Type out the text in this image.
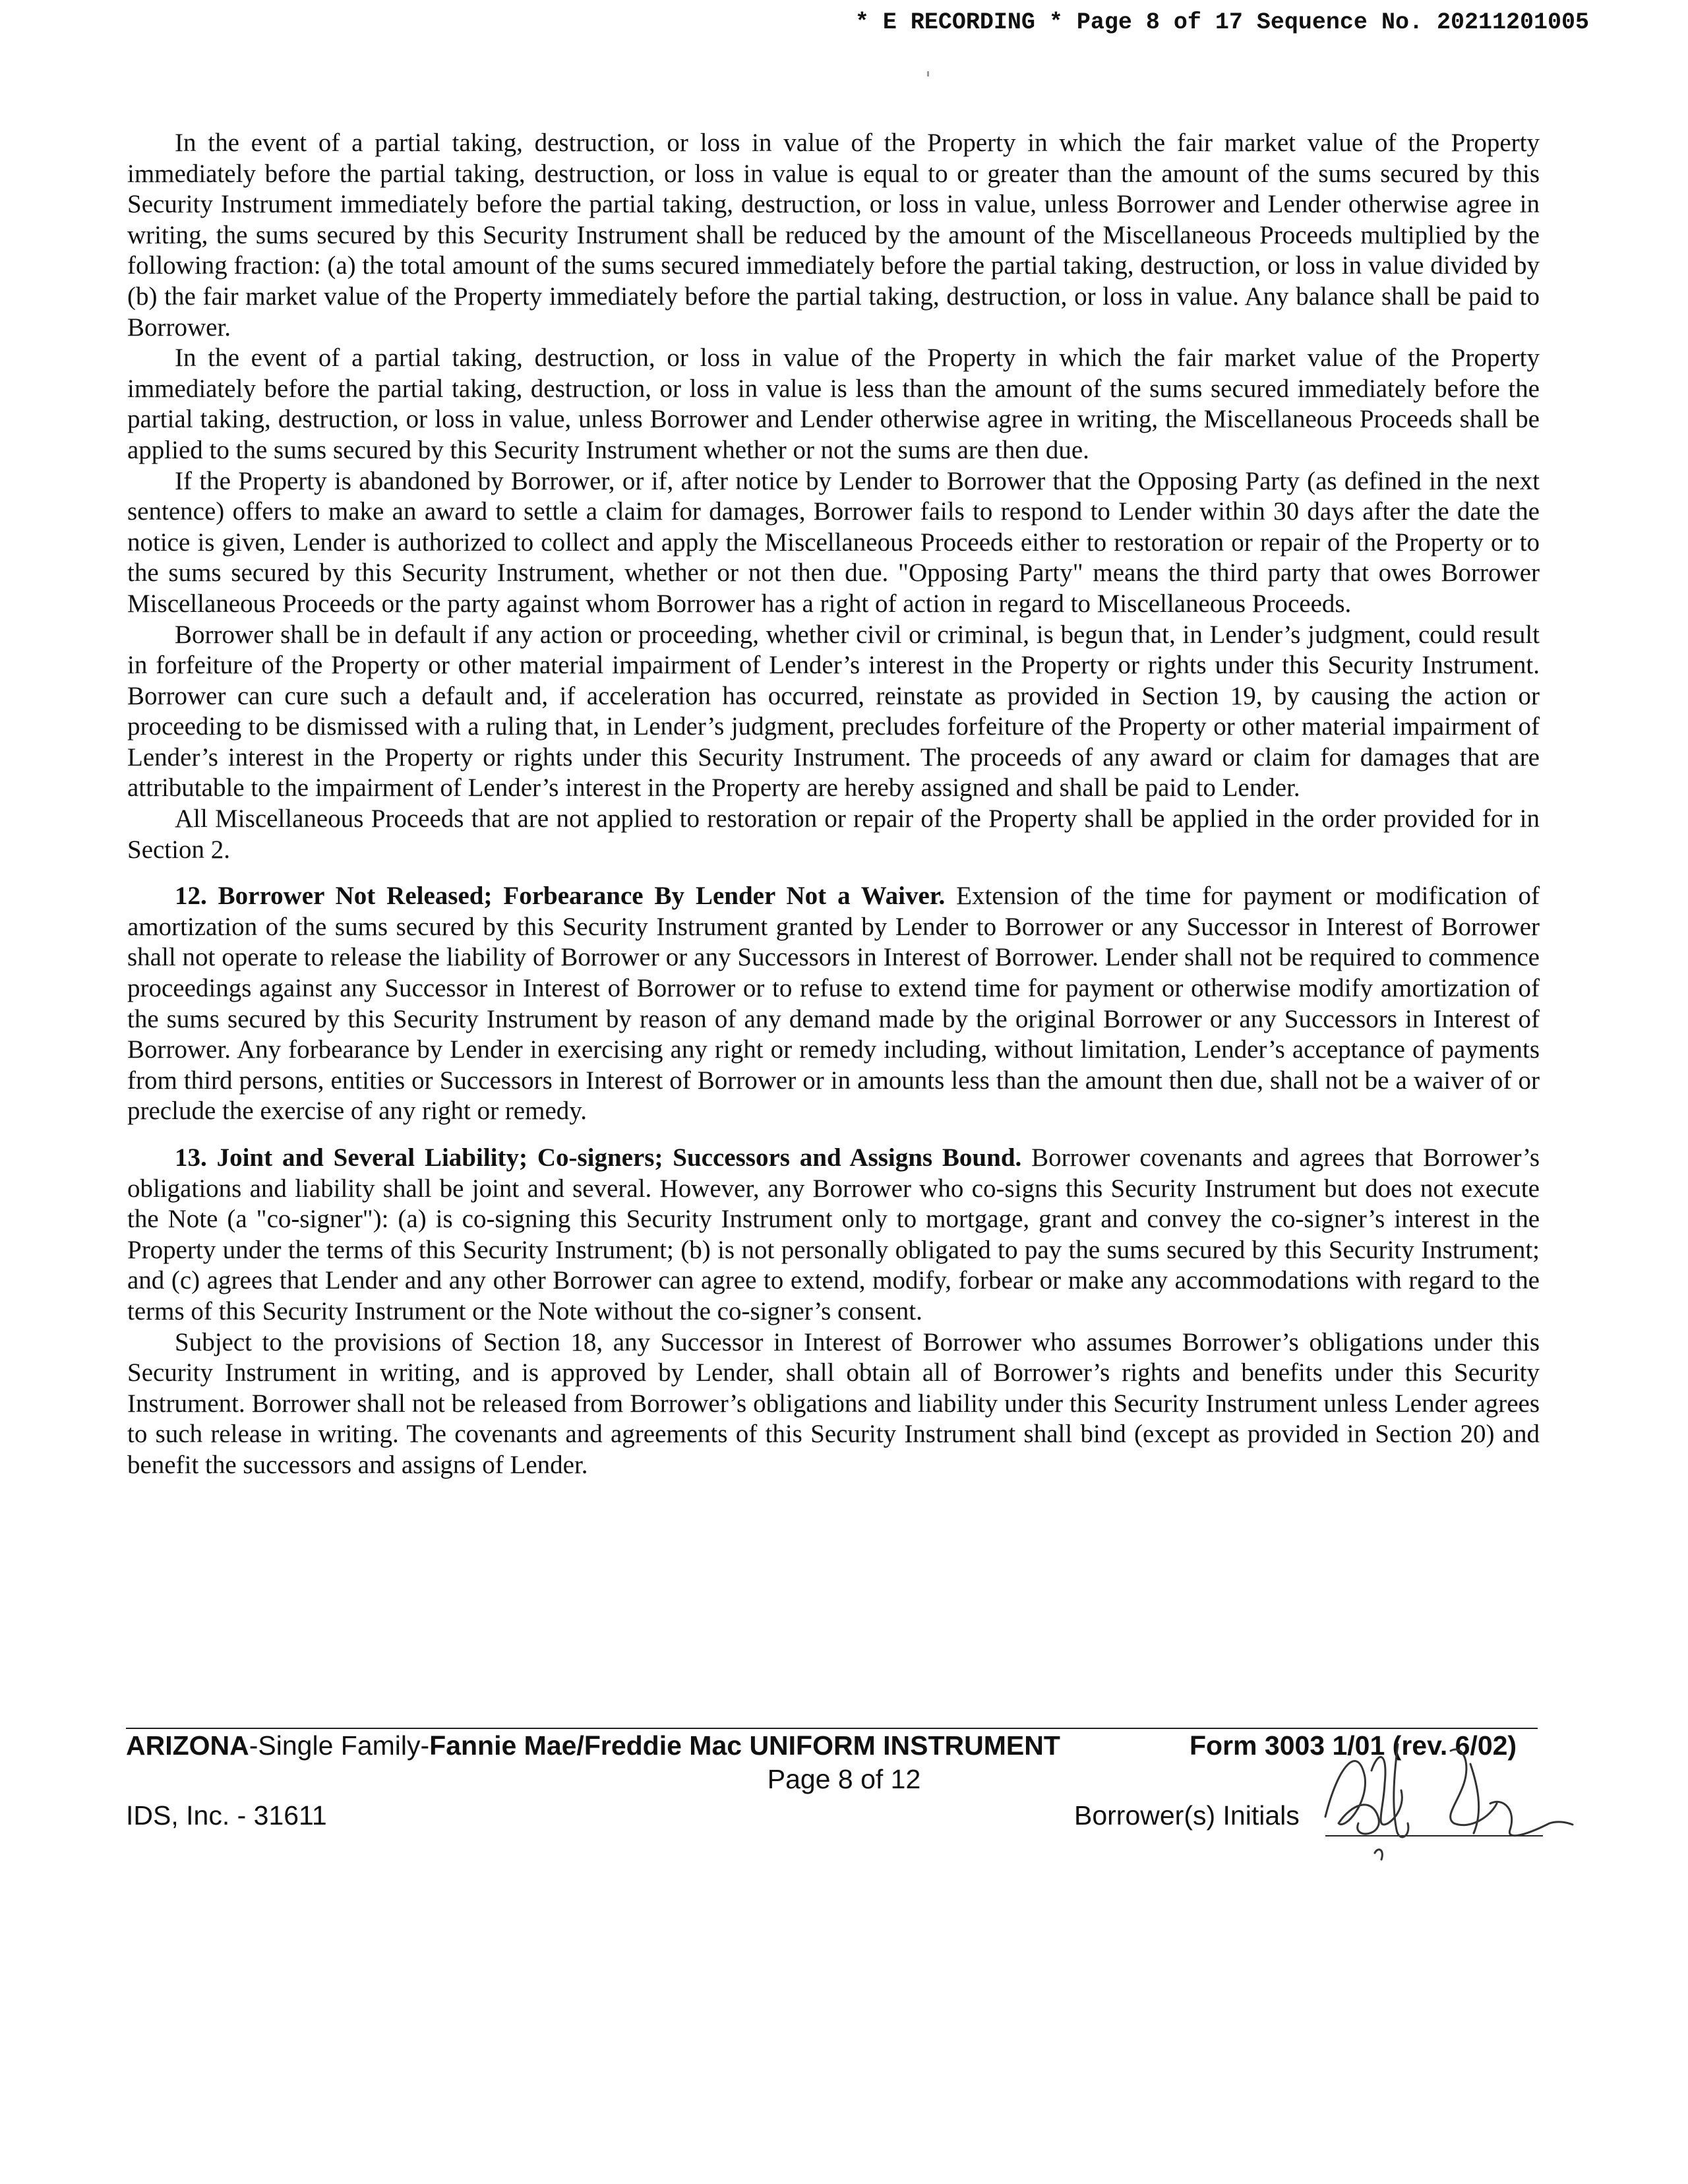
* E RECORDING * Page 8 of 17 Sequence No. 20211201005

In the event of a partial taking, destruction, or loss in value of the Property in which the fair market value of the Property immediately before the partial taking, destruction, or loss in value is equal to or greater than the amount of the sums secured by this Security Instrument immediately before the partial taking, destruction, or loss in value, unless Borrower and Lender otherwise agree in writing, the sums secured by this Security Instrument shall be reduced by the amount of the Miscellaneous Proceeds multiplied by the following fraction: (a) the total amount of the sums secured immediately before the partial taking, destruction, or loss in value divided by (b) the fair market value of the Property immediately before the partial taking, destruction, or loss in value. Any balance shall be paid to Borrower.

In the event of a partial taking, destruction, or loss in value of the Property in which the fair market value of the Property immediately before the partial taking, destruction, or loss in value is less than the amount of the sums secured immediately before the partial taking, destruction, or loss in value, unless Borrower and Lender otherwise agree in writing, the Miscellaneous Proceeds shall be applied to the sums secured by this Security Instrument whether or not the sums are then due.

If the Property is abandoned by Borrower, or if, after notice by Lender to Borrower that the Opposing Party (as defined in the next sentence) offers to make an award to settle a claim for damages, Borrower fails to respond to Lender within 30 days after the date the notice is given, Lender is authorized to collect and apply the Miscellaneous Proceeds either to restoration or repair of the Property or to the sums secured by this Security Instrument, whether or not then due. "Opposing Party" means the third party that owes Borrower Miscellaneous Proceeds or the party against whom Borrower has a right of action in regard to Miscellaneous Proceeds.

Borrower shall be in default if any action or proceeding, whether civil or criminal, is begun that, in Lender’s judgment, could result in forfeiture of the Property or other material impairment of Lender’s interest in the Property or rights under this Security Instrument. Borrower can cure such a default and, if acceleration has occurred, reinstate as provided in Section 19, by causing the action or proceeding to be dismissed with a ruling that, in Lender’s judgment, precludes forfeiture of the Property or other material impairment of Lender’s interest in the Property or rights under this Security Instrument. The proceeds of any award or claim for damages that are attributable to the impairment of Lender’s interest in the Property are hereby assigned and shall be paid to Lender.

All Miscellaneous Proceeds that are not applied to restoration or repair of the Property shall be applied in the order provided for in Section 2.

12. Borrower Not Released; Forbearance By Lender Not a Waiver. Extension of the time for payment or modification of amortization of the sums secured by this Security Instrument granted by Lender to Borrower or any Successor in Interest of Borrower shall not operate to release the liability of Borrower or any Successors in Interest of Borrower. Lender shall not be required to commence proceedings against any Successor in Interest of Borrower or to refuse to extend time for payment or otherwise modify amortization of the sums secured by this Security Instrument by reason of any demand made by the original Borrower or any Successors in Interest of Borrower. Any forbearance by Lender in exercising any right or remedy including, without limitation, Lender’s acceptance of payments from third persons, entities or Successors in Interest of Borrower or in amounts less than the amount then due, shall not be a waiver of or preclude the exercise of any right or remedy.

13. Joint and Several Liability; Co-signers; Successors and Assigns Bound. Borrower covenants and agrees that Borrower’s obligations and liability shall be joint and several. However, any Borrower who co-signs this Security Instrument but does not execute the Note (a "co-signer"): (a) is co-signing this Security Instrument only to mortgage, grant and convey the co-signer’s interest in the Property under the terms of this Security Instrument; (b) is not personally obligated to pay the sums secured by this Security Instrument; and (c) agrees that Lender and any other Borrower can agree to extend, modify, forbear or make any accommodations with regard to the terms of this Security Instrument or the Note without the co-signer’s consent.

Subject to the provisions of Section 18, any Successor in Interest of Borrower who assumes Borrower’s obligations under this Security Instrument in writing, and is approved by Lender, shall obtain all of Borrower’s rights and benefits under this Security Instrument. Borrower shall not be released from Borrower’s obligations and liability under this Security Instrument unless Lender agrees to such release in writing. The covenants and agreements of this Security Instrument shall bind (except as provided in Section 20) and benefit the successors and assigns of Lender.

ARIZONA-Single Family-Fannie Mae/Freddie Mac UNIFORM INSTRUMENT	Form 3003 1/01 (rev. 6/02)
Page 8 of 12
IDS, Inc. - 31611	Borrower(s) Initials
